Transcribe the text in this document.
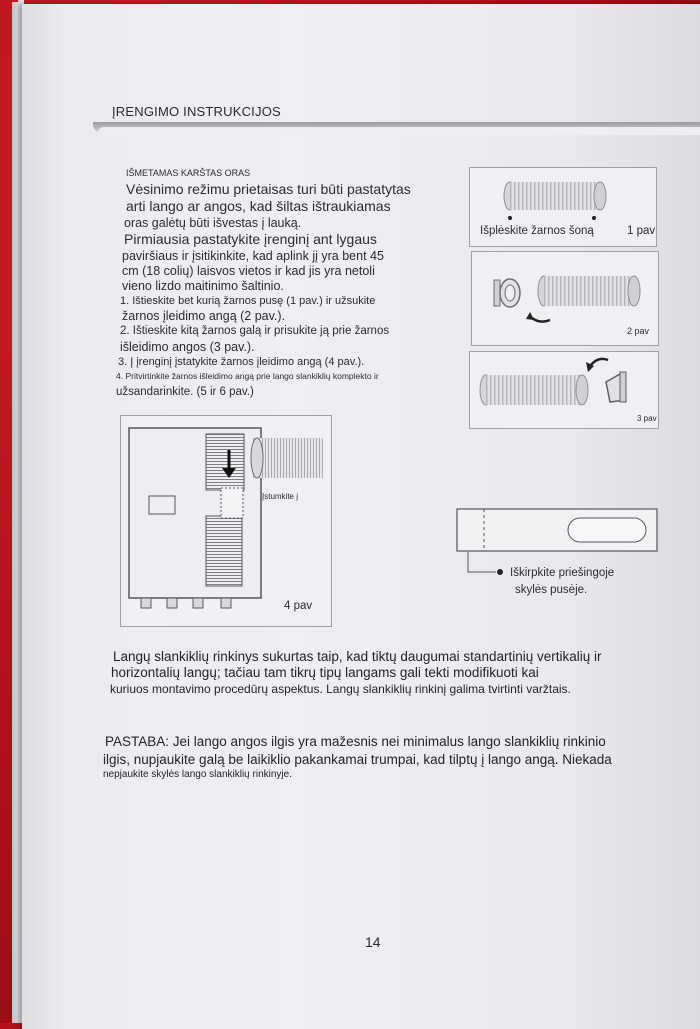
ĮRENGIMO INSTRUKCIJOS
IŠMETAMAS KARŠTAS ORAS
Vėsinimo režimu prietaisas turi būti pastatytas
arti lango ar angos, kad šiltas ištraukiamas
oras galėtų būti išvestas į lauką.
Pirmiausia pastatykite įrenginį ant lygaus
paviršiaus ir įsitikinkite, kad aplink jį yra bent 45
cm (18 colių) laisvos vietos ir kad jis yra netoli
vieno lizdo maitinimo šaltinio.
1. Ištieskite bet kurią žarnos pusę (1 pav.) ir užsukite
žarnos įleidimo angą (2 pav.).
2. Ištieskite kitą žarnos galą ir prisukite ją prie žarnos
išleidimo angos (3 pav.).
3. Į įrenginį įstatykite žarnos įleidimo angą (4 pav.).
4. Pritvirtinkite žarnos išleidimo angą prie lango slankiklių komplekto ir
užsandarinkite. (5 ir 6 pav.)
Išplėskite žarnos šoną	1 pav
2 pav
3 pav
Įstumkite į
4 pav
Iškirpkite priešingoje
skylės pusėje.
Langų slankiklių rinkinys sukurtas taip, kad tiktų daugumai standartinių vertikalių ir
horizontalių langų; tačiau tam tikrų tipų langams gali tekti modifikuoti kai
kuriuos montavimo procedūrų aspektus. Langų slankiklių rinkinį galima tvirtinti varžtais.
PASTABA: Jei lango angos ilgis yra mažesnis nei minimalus lango slankiklių rinkinio
ilgis, nupjaukite galą be laikiklio pakankamai trumpai, kad tilptų į lango angą. Niekada
nepjaukite skylės lango slankiklių rinkinyje.
14
